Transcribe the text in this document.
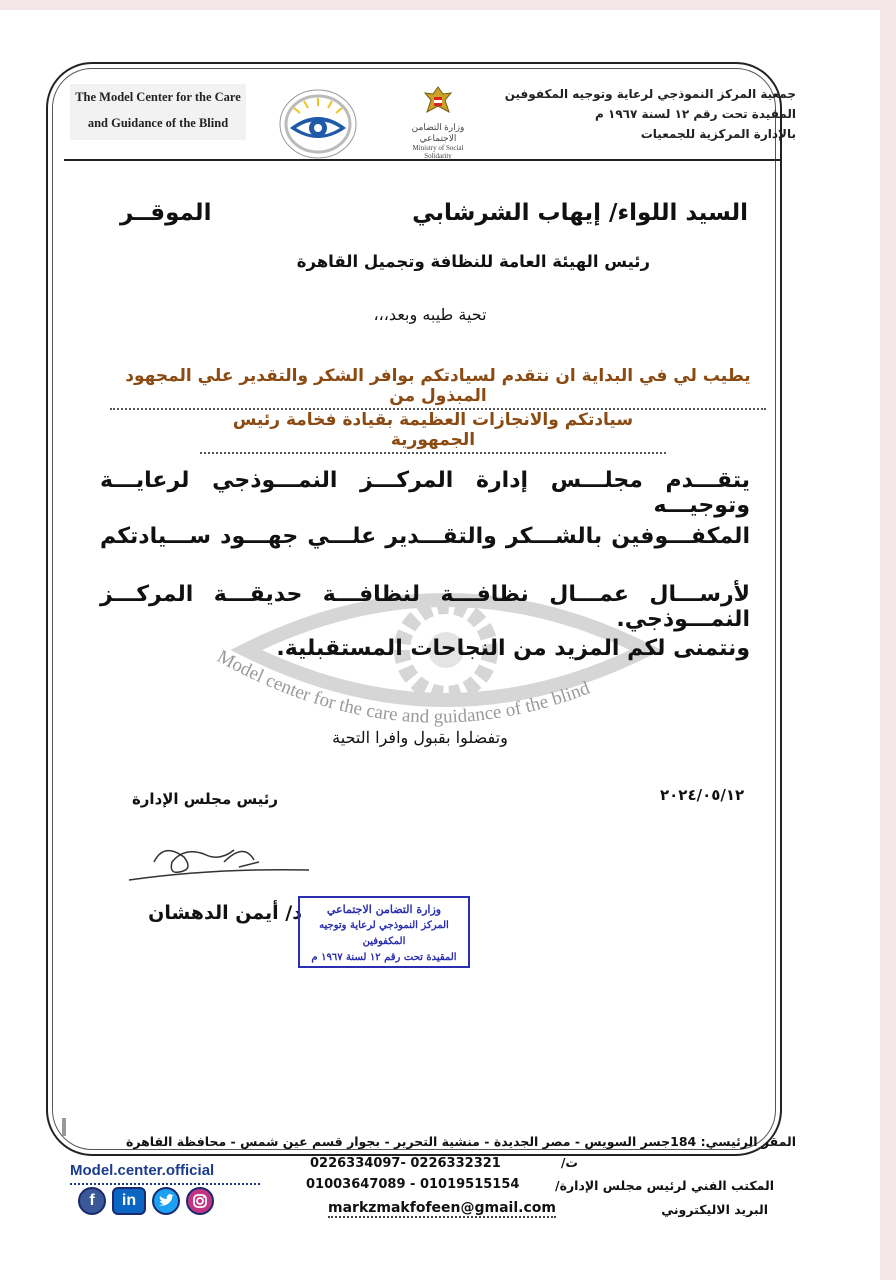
The Model Center for the Care
and Guidance of the Blind	وزارة التضامن الاجتماعي
Ministry of Social Solidarity
جمعية المركز النموذجي لرعاية وتوجيه المكفوفين
المقيدة تحت رقم ١٢ لسنة ١٩٦٧ م
بالإدارة المركزية للجمعيات
Model center for the care and guidance of the blind
السيد اللواء/ إيهاب الشرشابي
الموقــر
رئيس الهيئة العامة للنظافة وتجميل القاهرة
تحية طيبه وبعد،،،
يطيب لي في البداية ان نتقدم لسيادتكم بوافر الشكر والتقدير علي المجهود المبذول من
سيادتكم والانجازات العظيمة بقيادة فخامة رئيس الجمهورية
يتقـــدم مجلـــس إدارة المركـــز النمـــوذجي لرعايـــة وتوجيـــه
المكفـــوفين بالشـــكر والتقـــدير علـــي جهـــود ســـيادتكم
لأرســـال عمـــال نظافـــة لنظافـــة حديقـــة المركـــز النمـــوذجي.
ونتمنى لكم المزيد من النجاحات المستقبلية.
وتفضلوا بقبول وافرا التحية
٢٠٢٤/٠٥/١٢
رئيس مجلس الإدارة
د/ أيمن الدهشان	وزارة التضامن الاجتماعي
المركز النموذجي لرعاية وتوجيه المكفوفين
المقيدة تحت رقم ١٢ لسنة ١٩٦٧ م
المقر الرئيسي: 184جسر السويس - مصر الجديدة - منشية التحرير - بجوار قسم عين شمس - محافظة القاهرة
ت/
0226334097- 0226332321
المكتب الفني لرئيس مجلس الإدارة/
01003647089 - 01019515154
البريد الاليكتروني
markzmakfofeen@gmail.com
Model.center.official
f	in
